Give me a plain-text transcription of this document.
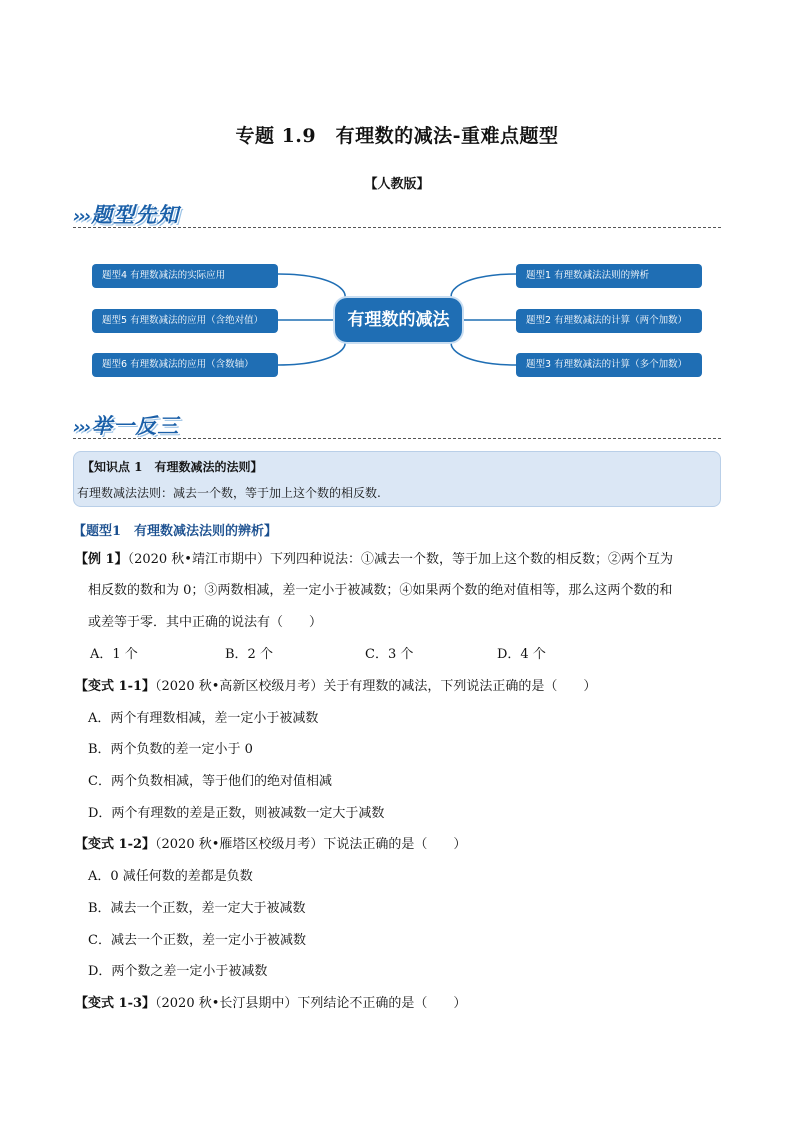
专题 1.9　有理数的减法-重难点题型
【人教版】
›››题型先知
有理数的减法
题型4 有理数减法的实际应用
题型5 有理数减法的应用（含绝对值）
题型6 有理数减法的应用（含数轴）
题型1 有理数减法法则的辨析
题型2 有理数减法的计算（两个加数）
题型3 有理数减法的计算（多个加数）
›››举一反三
【知识点 1　有理数减法的法则】
有理数减法法则：减去一个数，等于加上这个数的相反数.
【题型1　有理数减法法则的辨析】
【例 1】（2020 秋•靖江市期中）下列四种说法：①减去一个数，等于加上这个数的相反数；②两个互为
相反数的数和为 0；③两数相减，差一定小于被减数；④如果两个数的绝对值相等，那么这两个数的和
或差等于零．其中正确的说法有（　　）
A．1 个	B．2 个	C．3 个	D．4 个
【变式 1-1】（2020 秋•高新区校级月考）关于有理数的减法，下列说法正确的是（　　）
A．两个有理数相减，差一定小于被减数
B．两个负数的差一定小于 0
C．两个负数相减，等于他们的绝对值相减
D．两个有理数的差是正数，则被减数一定大于减数
【变式 1-2】（2020 秋•雁塔区校级月考）下说法正确的是（　　）
A．0 减任何数的差都是负数
B．减去一个正数，差一定大于被减数
C．减去一个正数，差一定小于被减数
D．两个数之差一定小于被减数
【变式 1-3】（2020 秋•长汀县期中）下列结论不正确的是（　　）
